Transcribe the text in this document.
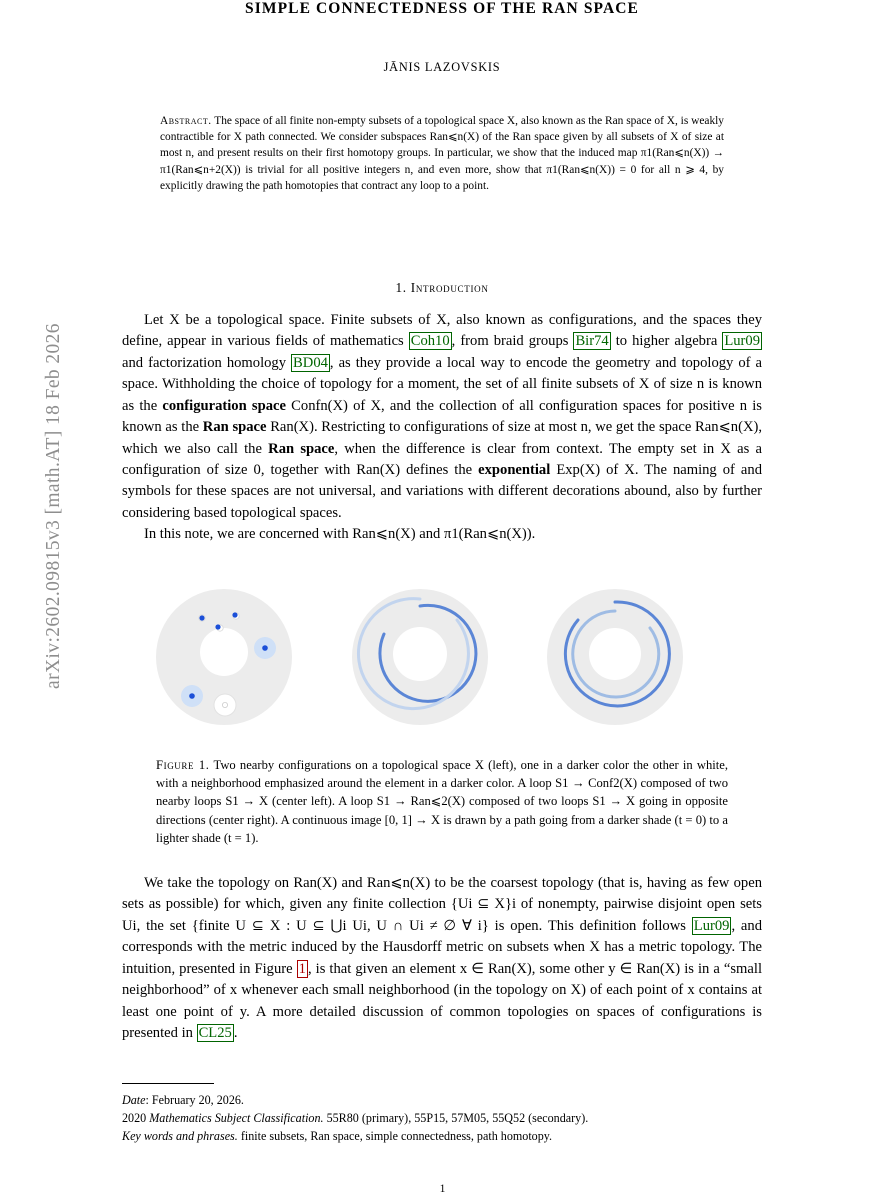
arXiv:2602.09815v3 [math.AT] 18 Feb 2026
SIMPLE CONNECTEDNESS OF THE RAN SPACE
JĀNIS LAZOVSKIS
Abstract. The space of all finite non-empty subsets of a topological space X, also known as the Ran space of X, is weakly contractible for X path connected. We consider subspaces Ran⩽n(X) of the Ran space given by all subsets of X of size at most n, and present results on their first homotopy groups. In particular, we show that the induced map π1(Ran⩽n(X)) → π1(Ran⩽n+2(X)) is trivial for all positive integers n, and even more, show that π1(Ran⩽n(X)) = 0 for all n ⩾ 4, by explicitly drawing the path homotopies that contract any loop to a point.
1. Introduction

Let X be a topological space. Finite subsets of X, also known as configurations, and the spaces they define, appear in various fields of mathematics Coh10 , from braid groups Bir74 to higher algebra Lur09 and factorization homology BD04 , as they provide a local way to encode the geometry and topology of a space. Withholding the choice of topology for a moment, the set of all finite subsets of X of size n is known as the configuration space Confn(X) of X, and the collection of all configuration spaces for positive n is known as the Ran space Ran(X). Restricting to configurations of size at most n, we get the space Ran⩽n(X), which we also call the Ran space, when the difference is clear from context. The empty set in X as a configuration of size 0, together with Ran(X) defines the exponential Exp(X) of X. The naming of and symbols for these spaces are not universal, and variations with different decorations abound, also by further considering based topological spaces.

In this note, we are concerned with Ran⩽n(X) and π1(Ran⩽n(X)).

Figure 1. Two nearby configurations on a topological space X (left), one in a darker color the other in white, with a neighborhood emphasized around the element in a darker color. A loop S1 → Conf2(X) composed of two nearby loops S1 → X (center left). A loop S1 → Ran⩽2(X) composed of two loops S1 → X going in opposite directions (center right). A continuous image [0, 1] → X is drawn by a path going from a darker shade (t = 0) to a lighter shade (t = 1).

We take the topology on Ran(X) and Ran⩽n(X) to be the coarsest topology (that is, having as few open sets as possible) for which, given any finite collection {Ui ⊆ X}i of nonempty, pairwise disjoint open sets Ui, the set {finite U ⊆ X : U ⊆ ⋃i Ui, U ∩ Ui ≠ ∅ ∀ i} is open. This definition follows Lur09 , and corresponds with the metric induced by the Hausdorff metric on subsets when X has a metric topology. The intuition, presented in Figure 1 , is that given an element x ∈ Ran(X), some other y ∈ Ran(X) is in a “small neighborhood” of x whenever each small neighborhood (in the topology on X) of each point of x contains at least one point of y. A more detailed discussion of common topologies on spaces of configurations is presented in CL25 .

Date: February 20, 2026.
2020 Mathematics Subject Classification. 55R80 (primary), 55P15, 57M05, 55Q52 (secondary).
Key words and phrases. finite subsets, Ran space, simple connectedness, path homotopy.
1
